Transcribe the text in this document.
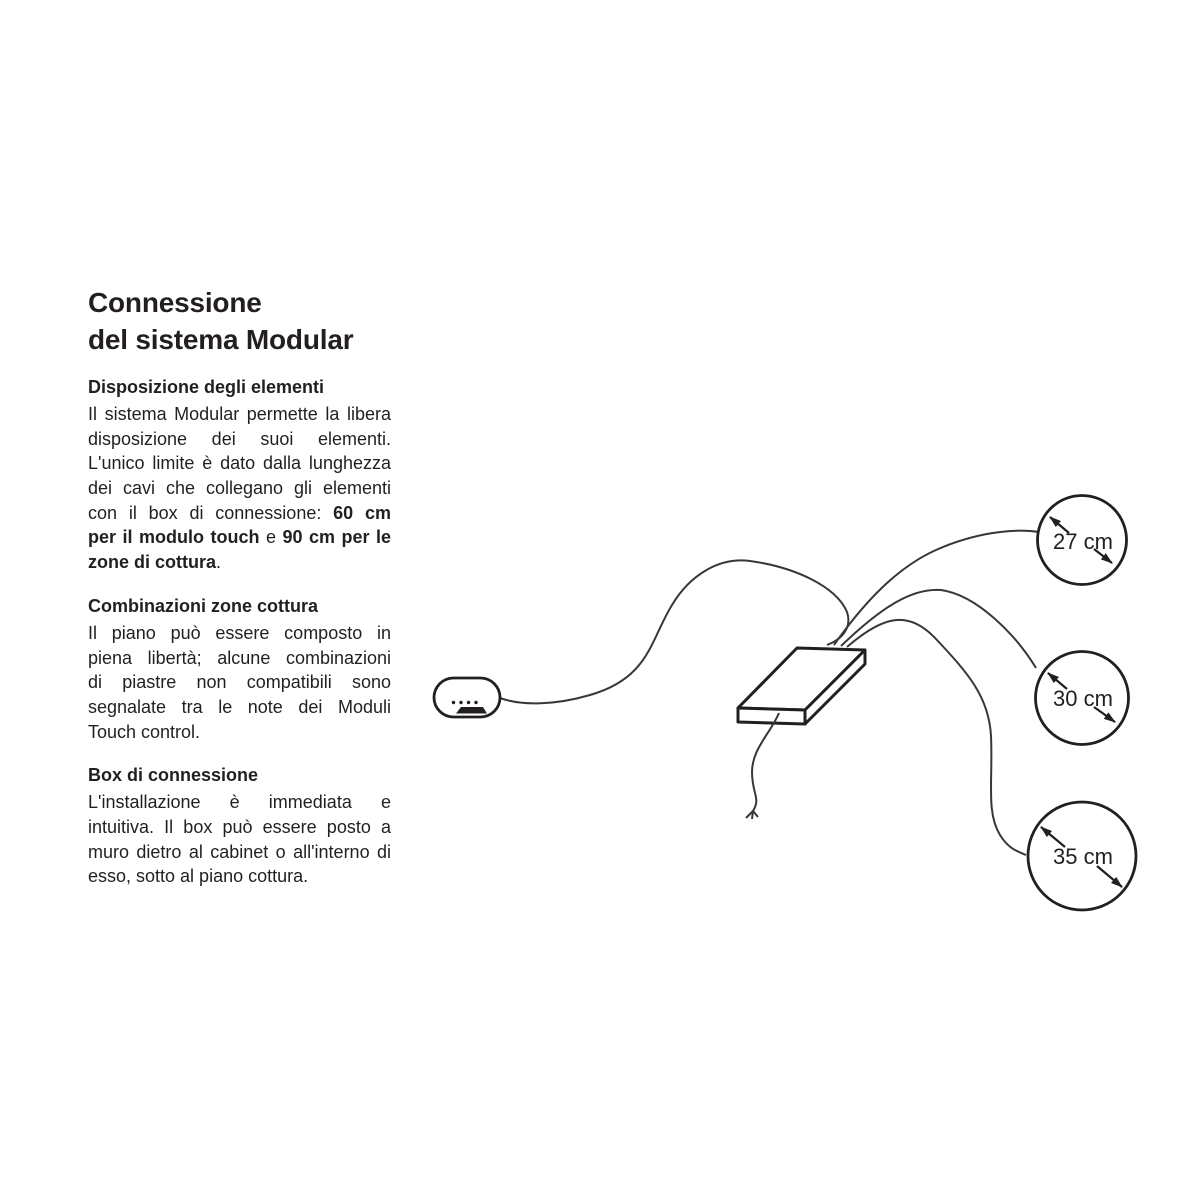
Connessione
del sistema Modular
Disposizione degli elementi
Il sistema Modular permette la libera
disposizione dei suoi elementi.
L'unico limite è dato dalla lunghezza
dei cavi che collegano gli elementi
con il box di connessione: 60 cm
per il modulo touch e 90 cm per le
zone di cottura.
Combinazioni zone cottura
Il piano può essere composto in
piena libertà; alcune combinazioni
di piastre non compatibili sono
segnalate tra le note dei Moduli
Touch control.
Box di connessione
L'installazione è immediata e
intuitiva. Il box può essere posto a
muro dietro al cabinet o all'interno di
esso, sotto al piano cottura.
27 cm
30 cm
35 cm
